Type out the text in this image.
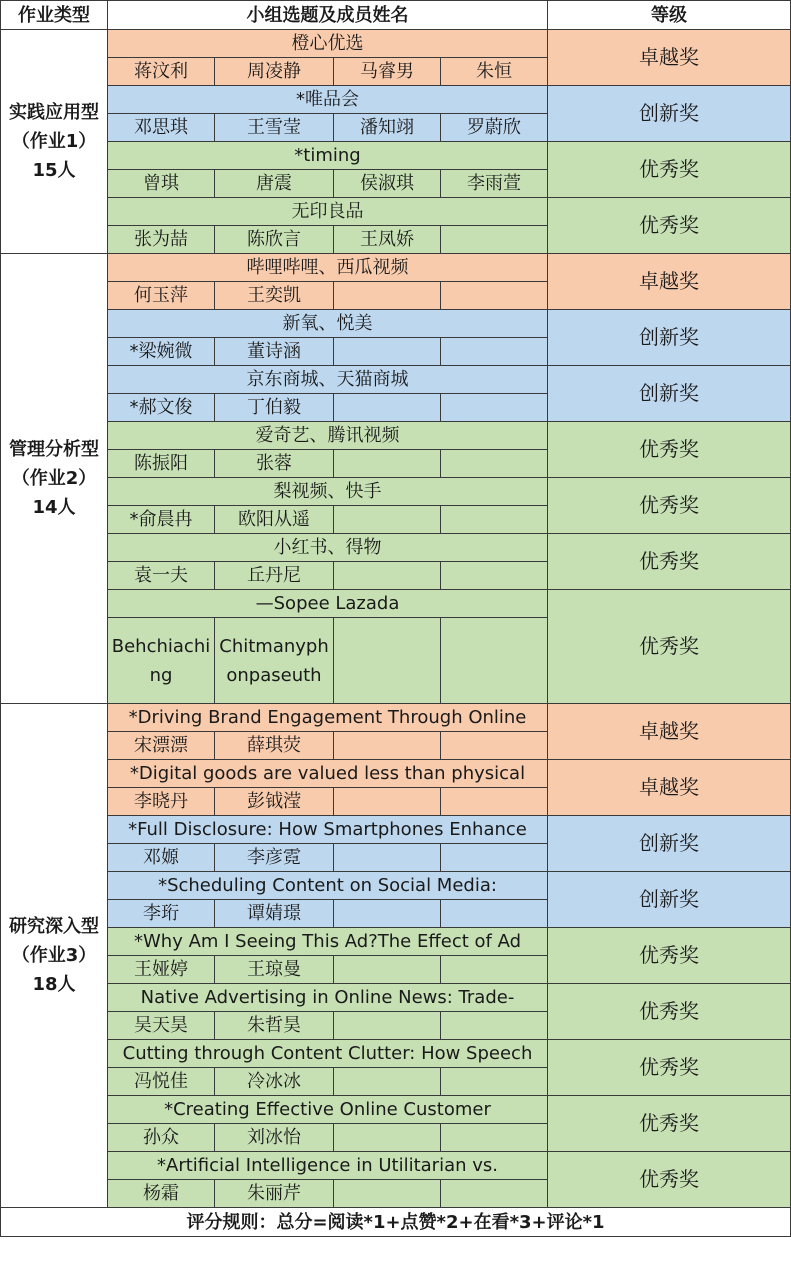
作业类型	小组选题及成员姓名				等级

实践应用型
（作业1）
15人	橙心优选				卓越奖
	蒋汶利	周凌静	马睿男	朱恒	
	*唯品会				创新奖
	邓思琪	王雪莹	潘知翊	罗蔚欣	
	*timing				优秀奖
	曾琪	唐震	侯淑琪	李雨萱	
	无印良品				优秀奖
	张为喆	陈欣言	王凤娇		

管理分析型
（作业2）
14人	哔哩哔哩、西瓜视频				卓越奖
	何玉萍	王奕凯			
	新氧、悦美				创新奖
	*梁婉微	董诗涵			
	京东商城、天猫商城				创新奖
	*郝文俊	丁伯毅			
	爱奇艺、腾讯视频				优秀奖
	陈振阳	张蓉			
	梨视频、快手				优秀奖
	*俞晨冉	欧阳从遥			
	小红书、得物				优秀奖
	袁一夫	丘丹尼			
	—Sopee Lazada				优秀奖
	Behchiaching	Chitmanyphonpaseuth			

研究深入型
（作业3）
18人	*Driving Brand Engagement Through Online				卓越奖
	宋漂漂	薛琪荧			
	*Digital goods are valued less than physical				卓越奖
	李晓丹	彭钺滢			
	*Full Disclosure: How Smartphones Enhance				创新奖
	邓嫄	李彦霓			
	*Scheduling Content on Social Media:				创新奖
	李珩	谭婧璟			
	*Why Am I Seeing This Ad?The Effect of Ad				优秀奖
	王娅婷	王琼曼			
	Native Advertising in Online News: Trade-				优秀奖
	吴天昊	朱哲昊			
	Cutting through Content Clutter: How Speech				优秀奖
	冯悦佳	冷冰冰			
	*Creating Effective Online Customer				优秀奖
	孙众	刘冰怡			
	*Artificial Intelligence in Utilitarian vs.				优秀奖
	杨霜	朱丽芹			
评分规则：总分=阅读*1+点赞*2+在看*3+评论*1					
